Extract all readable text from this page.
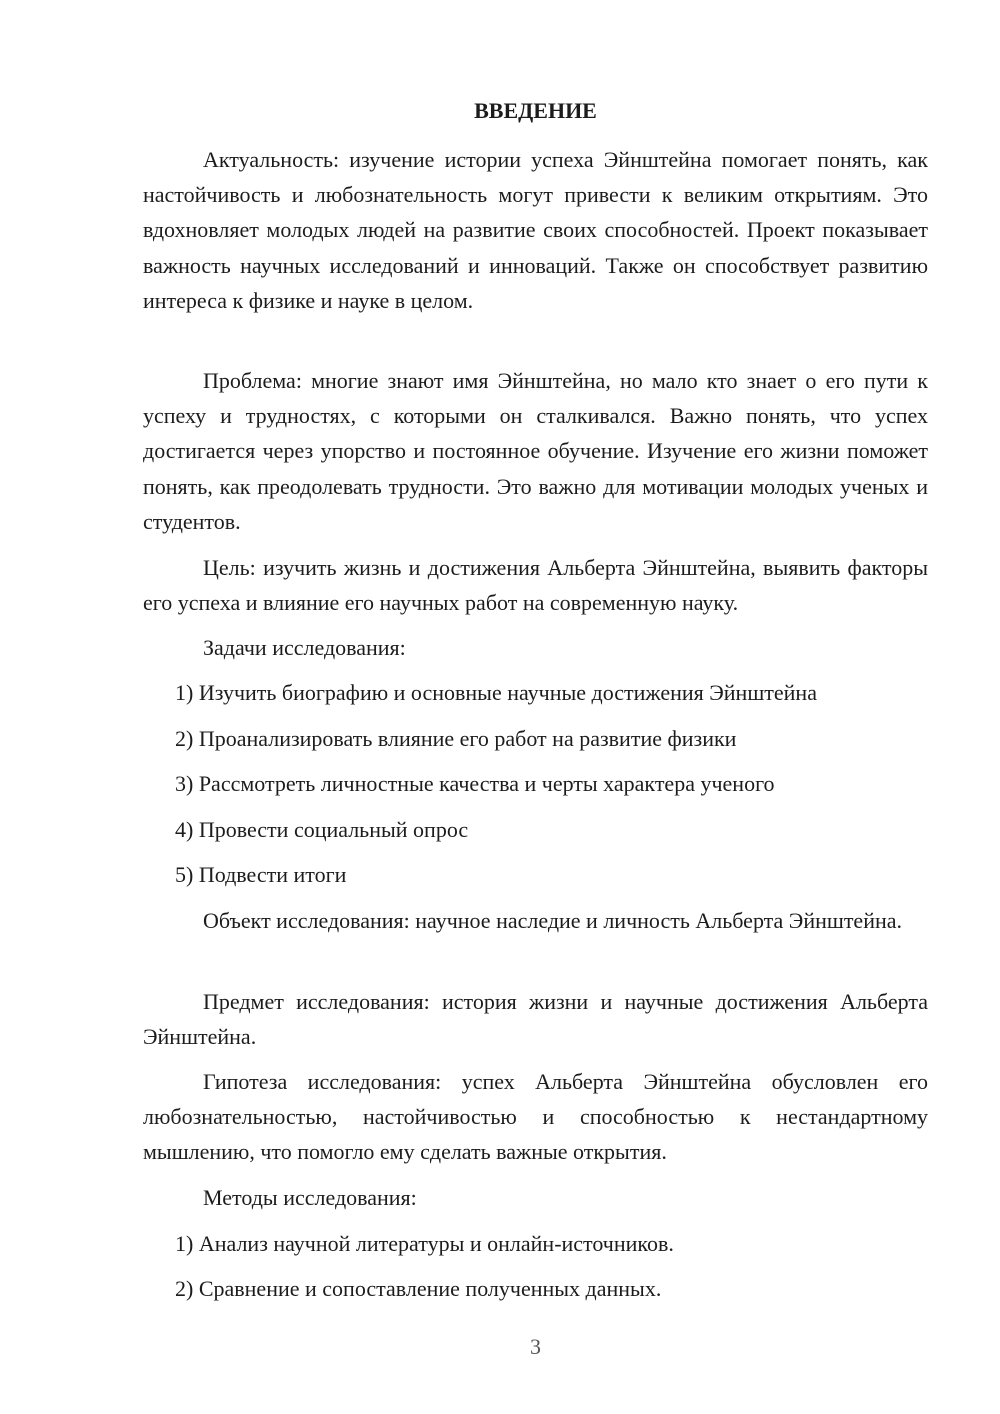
ВВЕДЕНИЕ

Актуальность: изучение истории успеха Эйнштейна помогает понять, как настойчивость и любознательность могут привести к великим открытиям. Это вдохновляет молодых людей на развитие своих способностей. Проект показывает важность научных исследований и инноваций. Также он способствует развитию интереса к физике и науке в целом.

Проблема: многие знают имя Эйнштейна, но мало кто знает о его пути к успеху и трудностях, с которыми он сталкивался. Важно понять, что успех достигается через упорство и постоянное обучение. Изучение его жизни поможет понять, как преодолевать трудности. Это важно для мотивации молодых ученых и студентов.

Цель: изучить жизнь и достижения Альберта Эйнштейна, выявить факторы его успеха и влияние его научных работ на современную науку.

Задачи исследования:

1) Изучить биографию и основные научные достижения Эйнштейна

2) Проанализировать влияние его работ на развитие физики

3) Рассмотреть личностные качества и черты характера ученого

4) Провести социальный опрос

5) Подвести итоги

Объект исследования: научное наследие и личность Альберта Эйнштейна.

Предмет исследования: история жизни и научные достижения Альберта Эйнштейна.

Гипотеза исследования: успех Альберта Эйнштейна обусловлен его любознательностью, настойчивостью и способностью к нестандартному мышлению, что помогло ему сделать важные открытия.

Методы исследования:

1) Анализ научной литературы и онлайн-источников.

2) Сравнение и сопоставление полученных данных.

3
